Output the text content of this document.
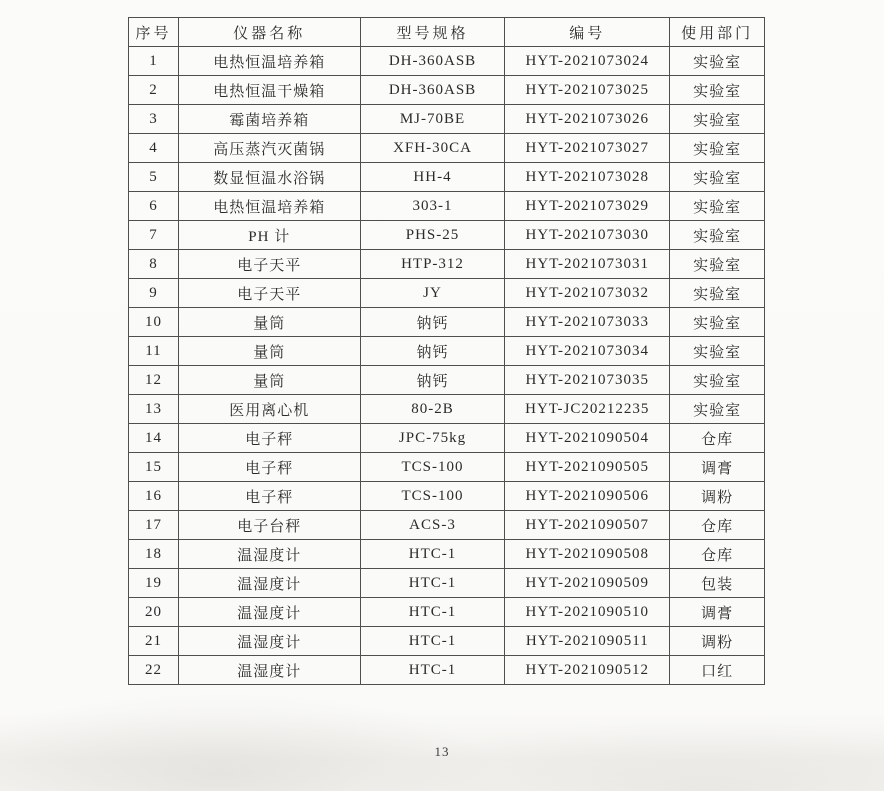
序号	仪器名称	型号规格	编号	使用部门
1	电热恒温培养箱	DH-360ASB	HYT-2021073024	实验室
2	电热恒温干燥箱	DH-360ASB	HYT-2021073025	实验室
3	霉菌培养箱	MJ-70BE	HYT-2021073026	实验室
4	高压蒸汽灭菌锅	XFH-30CA	HYT-2021073027	实验室
5	数显恒温水浴锅	HH-4	HYT-2021073028	实验室
6	电热恒温培养箱	303-1	HYT-2021073029	实验室
7	PH 计	PHS-25	HYT-2021073030	实验室
8	电子天平	HTP-312	HYT-2021073031	实验室
9	电子天平	JY	HYT-2021073032	实验室
10	量筒	钠钙	HYT-2021073033	实验室
11	量筒	钠钙	HYT-2021073034	实验室
12	量筒	钠钙	HYT-2021073035	实验室
13	医用离心机	80-2B	HYT-JC20212235	实验室
14	电子秤	JPC-75kg	HYT-2021090504	仓库
15	电子秤	TCS-100	HYT-2021090505	调膏
16	电子秤	TCS-100	HYT-2021090506	调粉
17	电子台秤	ACS-3	HYT-2021090507	仓库
18	温湿度计	HTC-1	HYT-2021090508	仓库
19	温湿度计	HTC-1	HYT-2021090509	包装
20	温湿度计	HTC-1	HYT-2021090510	调膏
21	温湿度计	HTC-1	HYT-2021090511	调粉
22	温湿度计	HTC-1	HYT-2021090512	口红
13
